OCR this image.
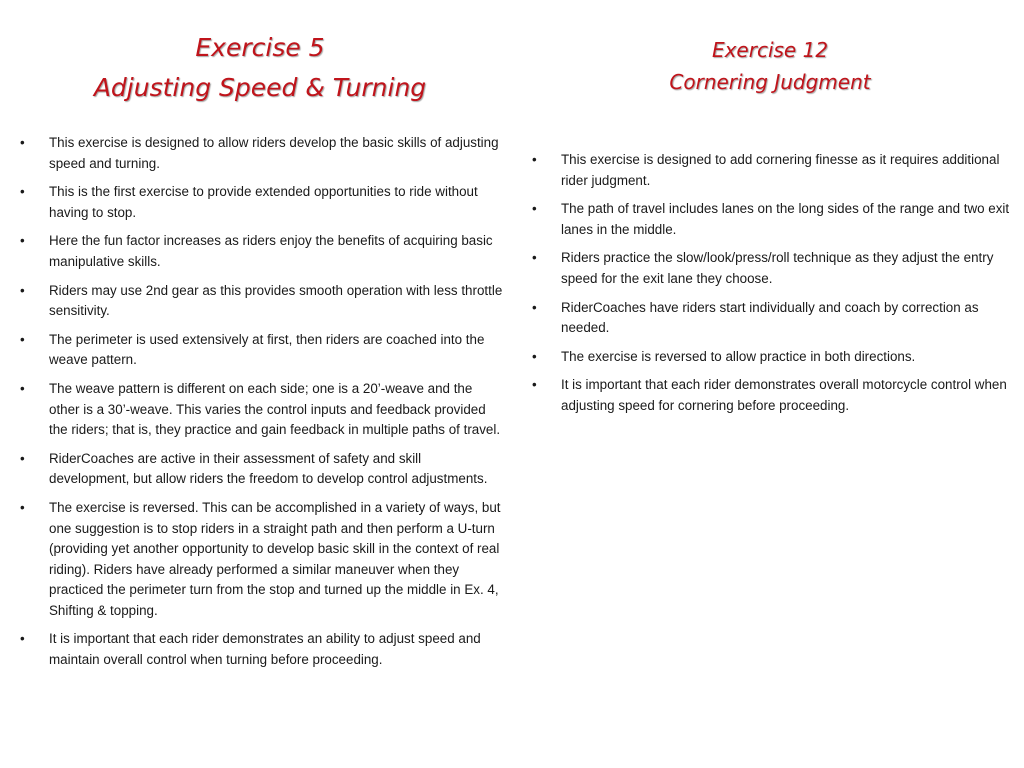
Exercise 5
Adjusting Speed & Turning
Exercise 12
Cornering Judgment
• This exercise is designed to allow riders develop the basic skills of adjusting speed and turning.
• This is the first exercise to provide extended opportunities to ride without having to stop.
• Here the fun factor increases as riders enjoy the benefits of acquiring basic manipulative skills.
• Riders may use 2nd gear as this provides smooth operation with less throttle sensitivity.
• The perimeter is used extensively at first, then riders are coached into the weave pattern.
• The weave pattern is different on each side; one is a 20’-weave and the other is a 30’-weave. This varies the control inputs and feedback provided the riders; that is, they practice and gain feedback in multiple paths of travel.
• RiderCoaches are active in their assessment of safety and skill development, but allow riders the freedom to develop control adjustments.
• The exercise is reversed. This can be accomplished in a variety of ways, but one suggestion is to stop riders in a straight path and then perform a U-turn (providing yet another opportunity to develop basic skill in the context of real riding). Riders have already performed a similar maneuver when they practiced the perimeter turn from the stop and turned up the middle in Ex. 4, Shifting & topping.
• It is important that each rider demonstrates an ability to adjust speed and maintain overall control when turning before proceeding.
• This exercise is designed to add cornering finesse as it requires additional rider judgment.
• The path of travel includes lanes on the long sides of the range and two exit lanes in the middle.
• Riders practice the slow/look/press/roll technique as they adjust the entry speed for the exit lane they choose.
• RiderCoaches have riders start individually and coach by correction as needed.
• The exercise is reversed to allow practice in both directions.
• It is important that each rider demonstrates overall motorcycle control when adjusting speed for cornering before proceeding.
